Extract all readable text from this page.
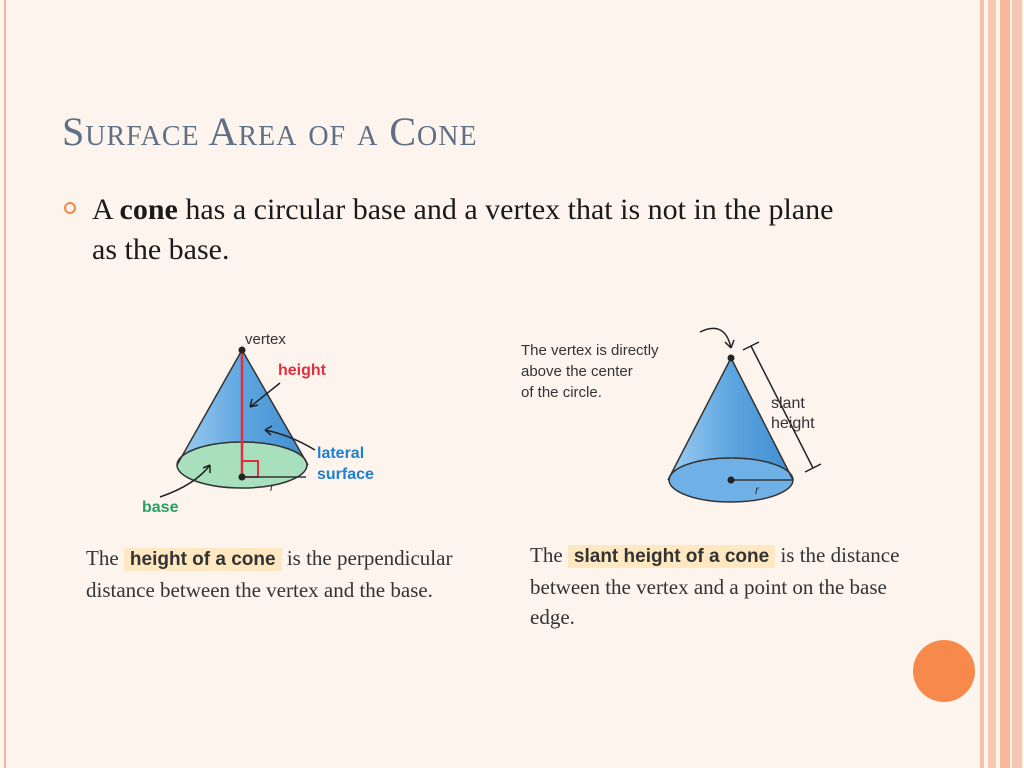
Surface Area of a Cone
A cone has a circular base and a vertex that is not in the plane as the base.
vertex
height
lateral
surface
base
r
The height of a cone is the perpendicular distance between the vertex and the base.
The vertex is directly
above the center
of the circle.
slant
height
r
The slant height of a cone is the distance between the vertex and a point on the base edge.
